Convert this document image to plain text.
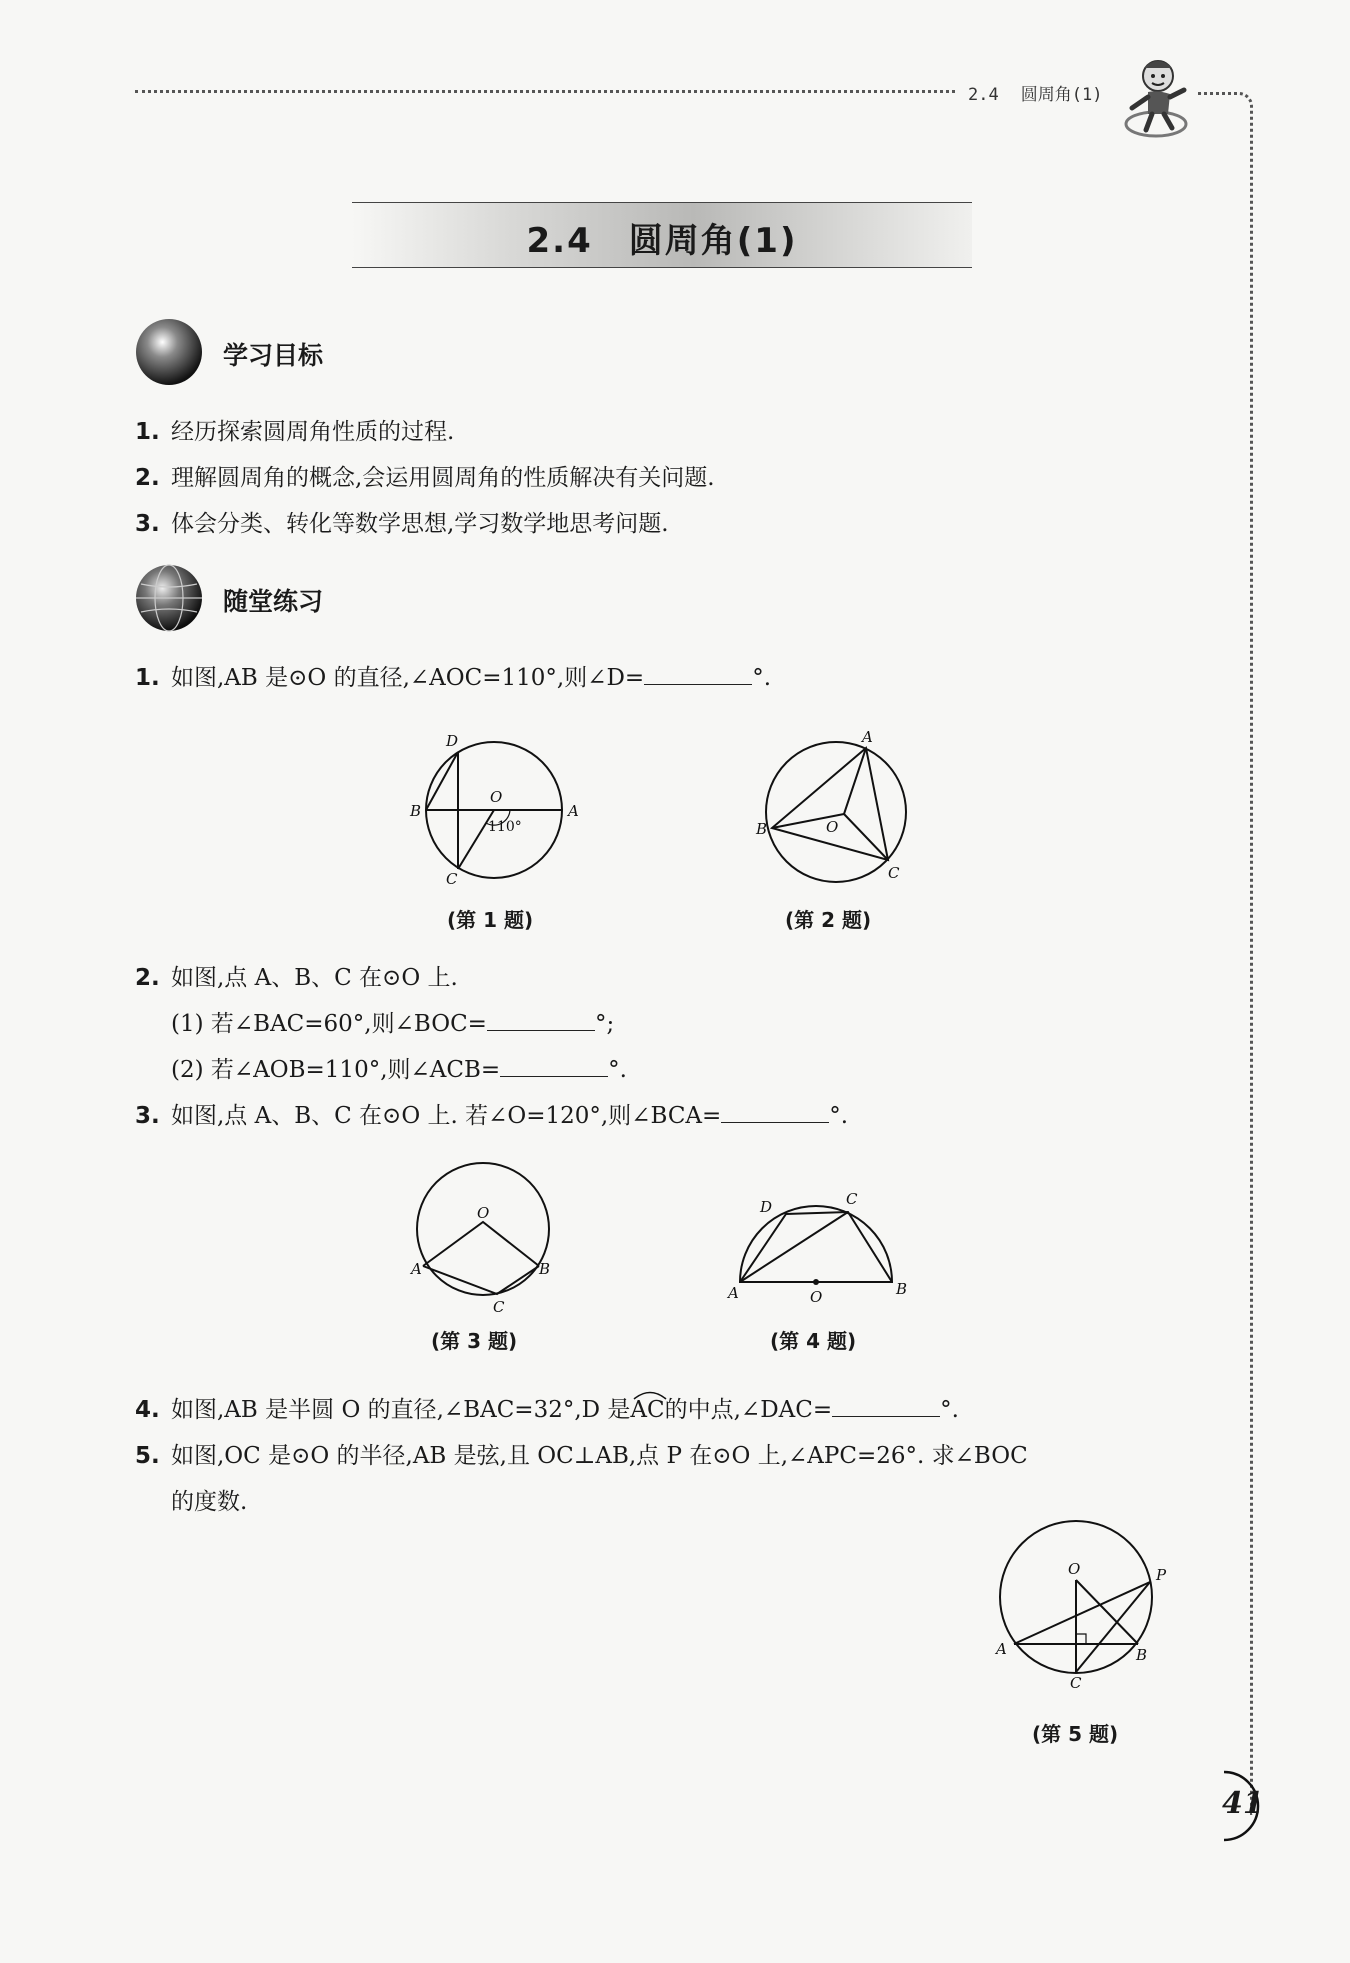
2.4 圆周角(1)
2.4　圆周角(1)
学习目标
1. 经历探索圆周角性质的过程.
2. 理解圆周角的概念,会运用圆周角的性质解决有关问题.
3. 体会分类、转化等数学思想,学习数学地思考问题.
随堂练习
1. 如图,AB 是⊙O 的直径,∠AOC=110°,则∠D=	°.
D
B
O
A
C
110°
(第 1 题)
A
B	O
C
(第 2 题)
2. 如图,点 A、B、C 在⊙O 上.
(1) 若∠BAC=60°,则∠BOC=	°;
(2) 若∠AOB=110°,则∠ACB=	°.
3. 如图,点 A、B、C 在⊙O 上. 若∠O=120°,则∠BCA=	°.
O
A	B
C
(第 3 题)
D	C
A	O	B
(第 4 题)
4. 如图,AB 是半圆 O 的直径,∠BAC=32°,D 是
AC的中点,∠DAC=	°.
5. 如图,OC 是⊙O 的半径,AB 是弦,且 OC⊥AB,点 P 在⊙O 上,∠APC=26°. 求∠BOC
的度数.
O	P
A	B
C
(第 5 题)
41
